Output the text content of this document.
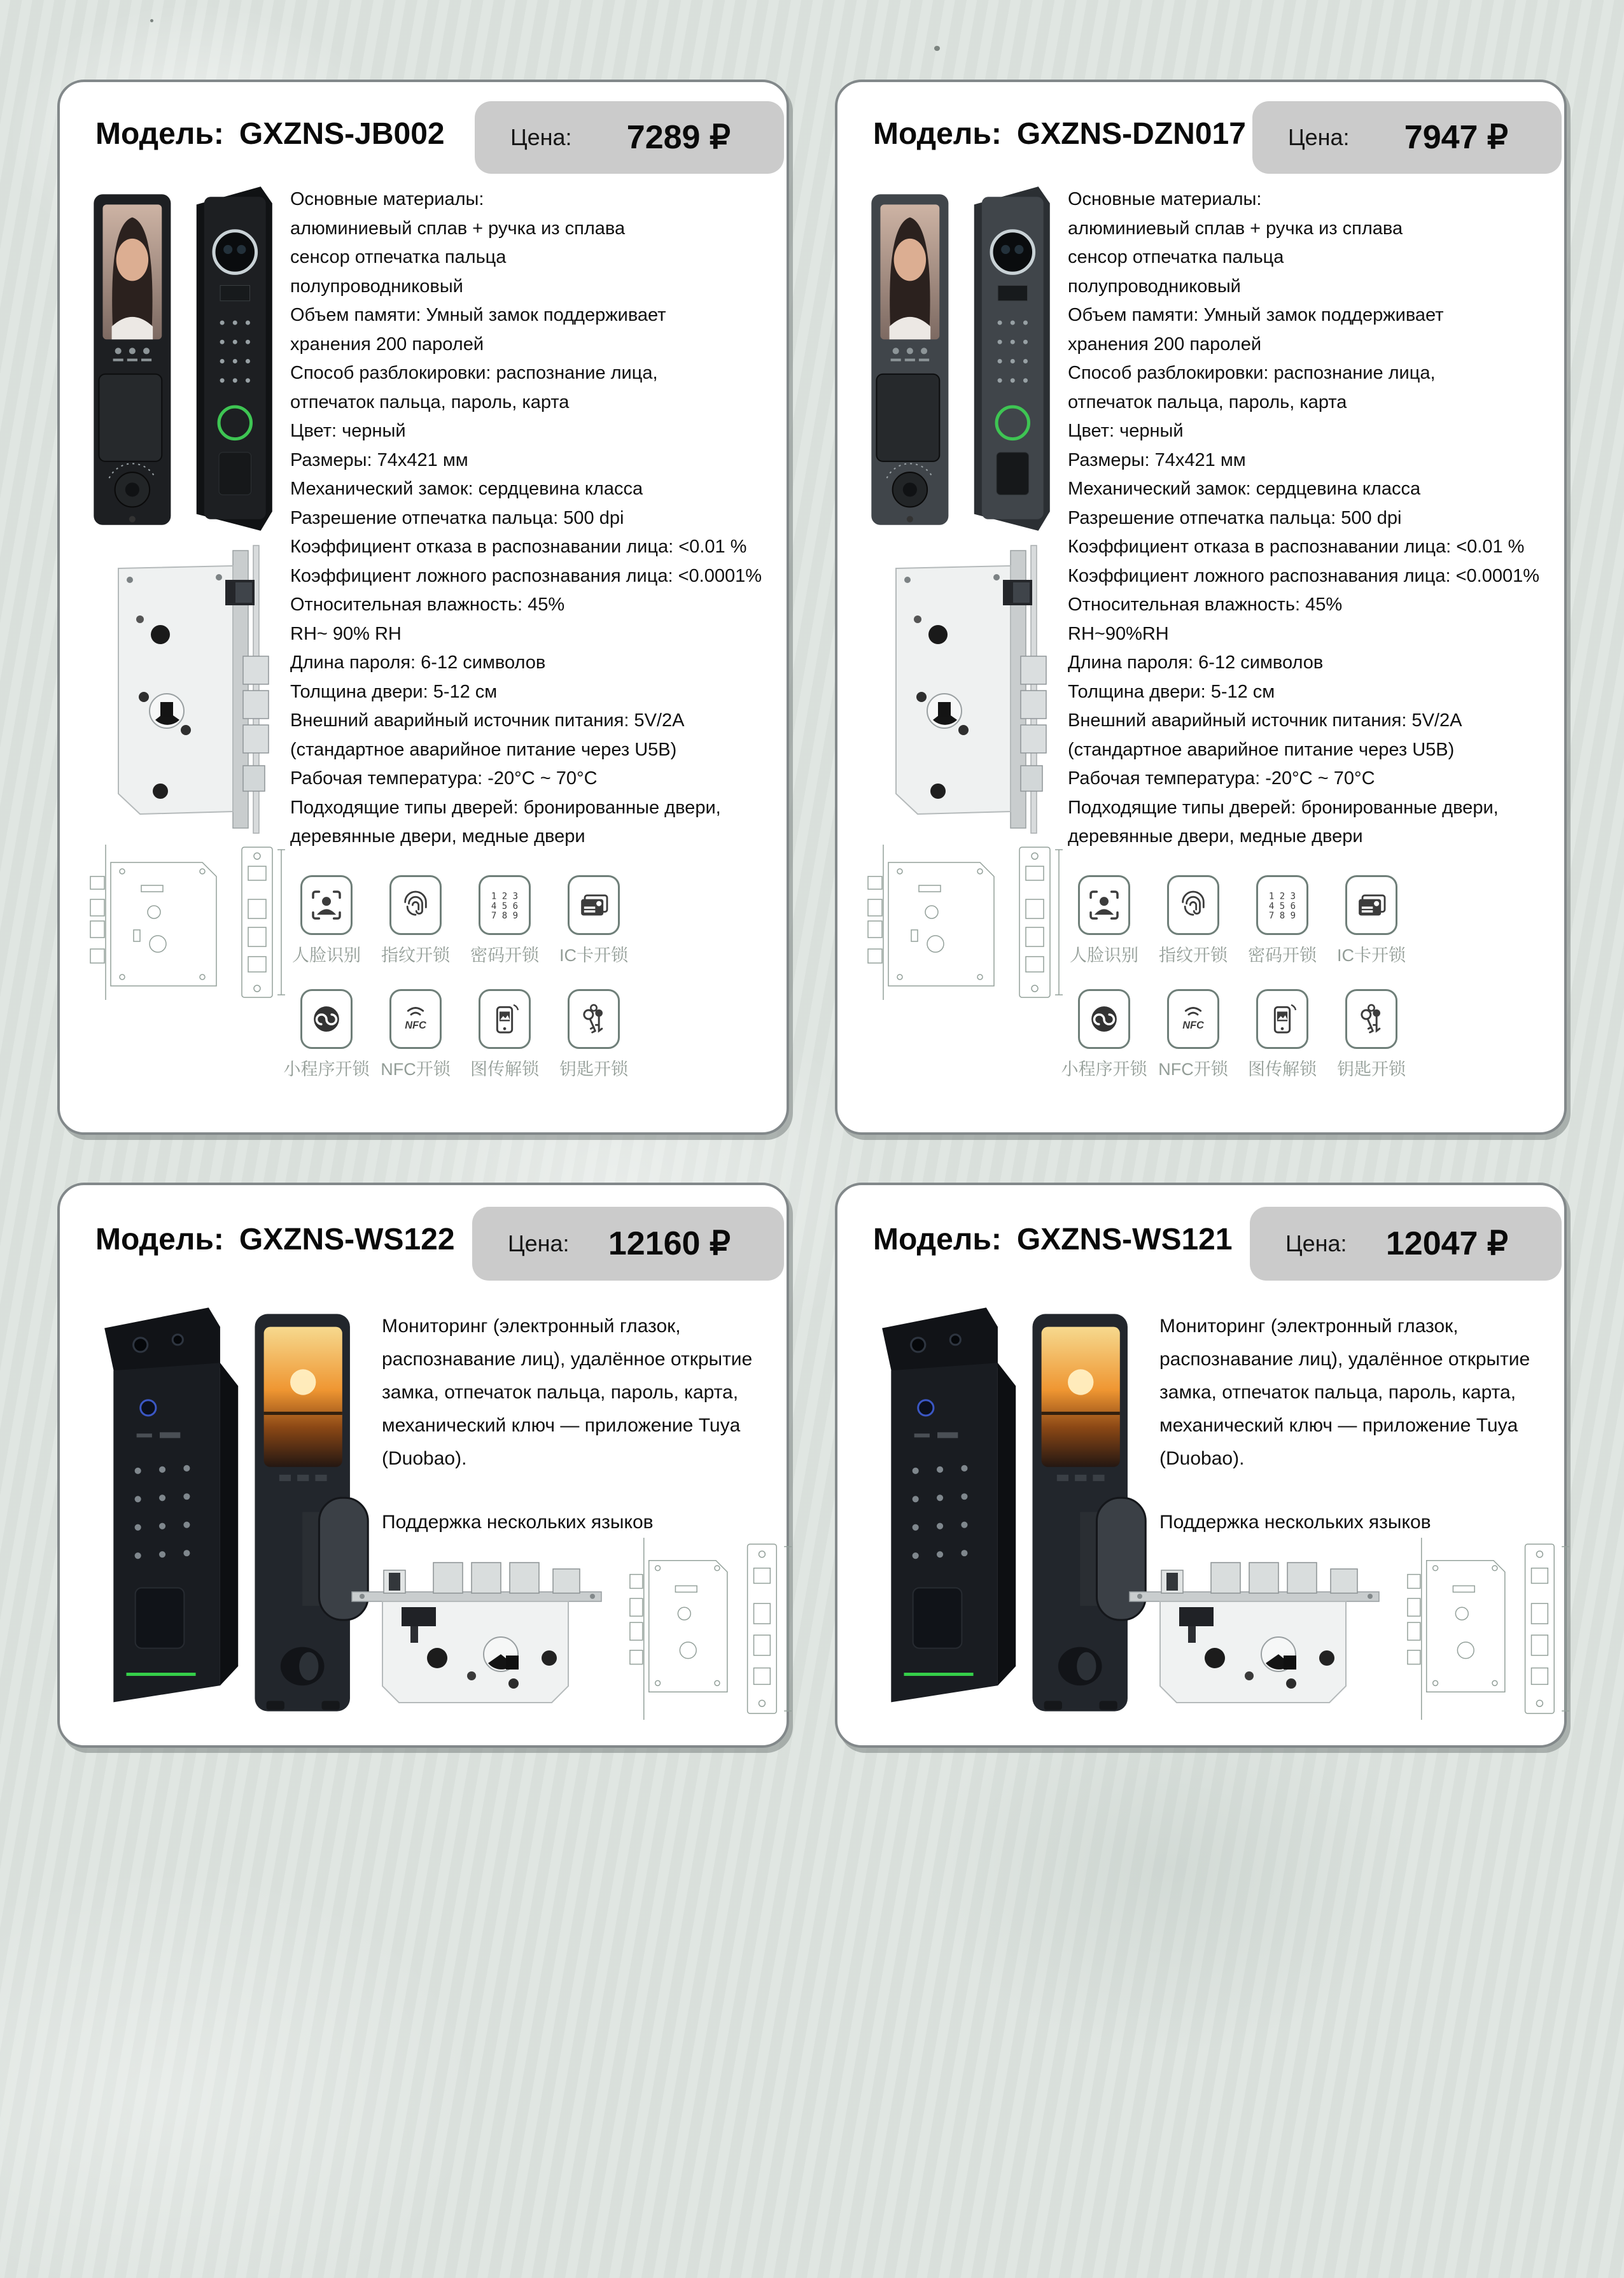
Модель: GXZNS-JB002	Цена: 7289 ₽
Основные материалы:
алюминиевый сплав + ручка из сплава
сенсор отпечатка пальца
полупроводниковый
Объем памяти: Умный замок поддерживает
хранения 200 паролей
Способ разблокировки: распознание лица,
отпечаток пальца, пароль, карта
Цвет: черный
Размеры: 74x421 мм
Механический замок: сердцевина класса
Разрешение отпечатка пальца: 500 dpi
Коэффициент отказа в распознавании лица: <0.01 %
Коэффициент ложного распознавания лица: <0.0001%
Относительная влажность: 45%
RH~ 90% RH
Длина пароля: 6-12 символов
Толщина двери: 5-12 см
Внешний аварийный источник питания: 5V/2A
(стандартное аварийное питание через U5B)
Рабочая температура: -20°C ~ 70°C
Подходящие типы дверей: бронированные двери,
деревянные двери, медные двери
人脸识别 指纹开锁
1 2 3
4 5 6
7 8 9
密码开锁 IC卡开锁
小程序开锁
NFC
NFC开锁 图传解锁 钥匙开锁
Модель: GXZNS-DZN017 Цена: 7947 ₽
Основные материалы:
алюминиевый сплав + ручка из сплава
сенсор отпечатка пальца
полупроводниковый
Объем памяти: Умный замок поддерживает
хранения 200 паролей
Способ разблокировки: распознание лица,
отпечаток пальца, пароль, карта
Цвет: черный
Размеры: 74x421 мм
Механический замок: сердцевина класса
Разрешение отпечатка пальца: 500 dpi
Коэффициент отказа в распознавании лица: <0.01 %
Коэффициент ложного распознавания лица: <0.0001%
Относительная влажность: 45%
RH~90%RH
Длина пароля: 6-12 символов
Толщина двери: 5-12 см
Внешний аварийный источник питания: 5V/2A
(стандартное аварийное питание через U5B)
Рабочая температура: -20°C ~ 70°C
Подходящие типы дверей: бронированные двери,
деревянные двери, медные двери
人脸识别 指纹开锁
1 2 3
4 5 6
7 8 9
密码开锁 IC卡开锁
小程序开锁
NFC
NFC开锁 图传解锁 钥匙开锁
Модель: GXZNS-WS122 Цена: 12160 ₽

Мониторинг (электронный глазок, распознавание лиц), удалённое открытие замка, отпечаток пальца, пароль, карта, механический ключ — приложение Tuya (Duobao).

Поддержка нескольких языков

Модель: GXZNS-WS121 Цена: 12047 ₽

Мониторинг (электронный глазок, распознавание лиц), удалённое открытие замка, отпечаток пальца, пароль, карта, механический ключ — приложение Tuya (Duobao).

Поддержка нескольких языков
